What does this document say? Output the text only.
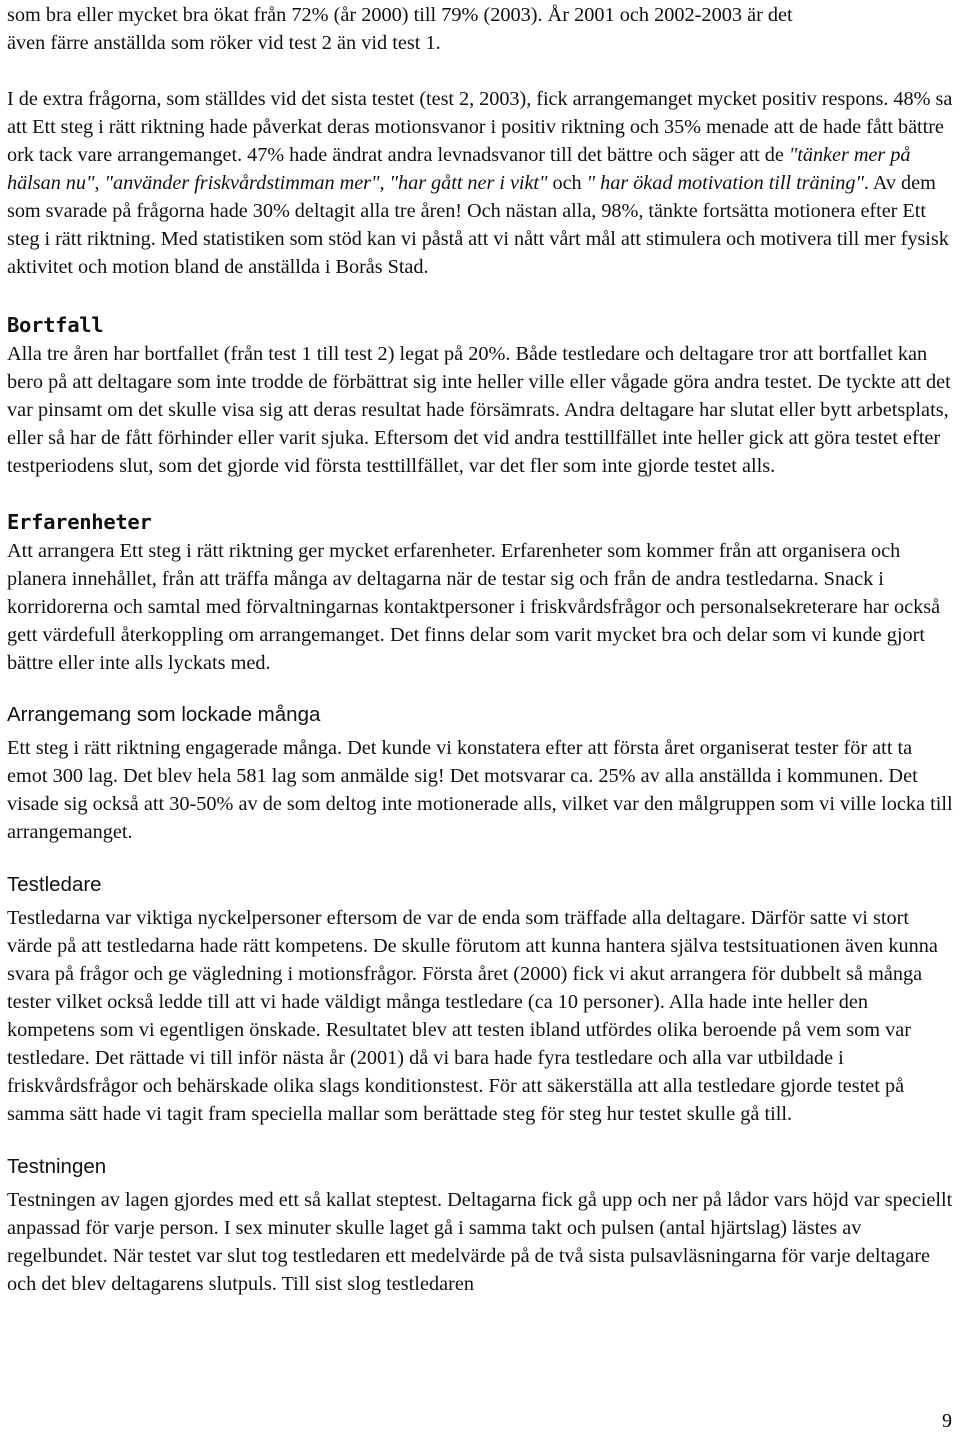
som bra eller mycket bra ökat från 72% (år 2000) till 79% (2003). År 2001 och 2002-2003 är det
även färre anställda som röker vid test 2 än vid test 1.

I de extra frågorna, som ställdes vid det sista testet (test 2, 2003), fick arrangemanget mycket positiv respons. 48% sa att Ett steg i rätt riktning hade påverkat deras motionsvanor i positiv riktning och 35% menade att de hade fått bättre ork tack vare arrangemanget. 47% hade ändrat andra levnadsvanor till det bättre och säger att de "tänker mer på hälsan nu", "använder friskvårdstimman mer", "har gått ner i vikt" och " har ökad motivation till träning". Av dem som svarade på frågorna hade 30% deltagit alla tre åren! Och nästan alla, 98%, tänkte fortsätta motionera efter Ett steg i rätt riktning. Med statistiken som stöd kan vi påstå att vi nått vårt mål att stimulera och motivera till mer fysisk aktivitet och motion bland de anställda i Borås Stad.

Bortfall

Alla tre åren har bortfallet (från test 1 till test 2) legat på 20%. Både testledare och deltagare tror att bortfallet kan bero på att deltagare som inte trodde de förbättrat sig inte heller ville eller vågade göra andra testet. De tyckte att det var pinsamt om det skulle visa sig att deras resultat hade försämrats. Andra deltagare har slutat eller bytt arbetsplats, eller så har de fått förhinder eller varit sjuka. Eftersom det vid andra testtillfället inte heller gick att göra testet efter testperiodens slut, som det gjorde vid första testtillfället, var det fler som inte gjorde testet alls.

Erfarenheter

Att arrangera Ett steg i rätt riktning ger mycket erfarenheter. Erfarenheter som kommer från att organisera och planera innehållet, från att träffa många av deltagarna när de testar sig och från de andra testledarna. Snack i korridorerna och samtal med förvaltningarnas kontaktpersoner i friskvårdsfrågor och personalsekreterare har också gett värdefull återkoppling om arrangemanget. Det finns delar som varit mycket bra och delar som vi kunde gjort bättre eller inte alls lyckats med.

Arrangemang som lockade många

Ett steg i rätt riktning engagerade många. Det kunde vi konstatera efter att första året organiserat tester för att ta emot 300 lag. Det blev hela 581 lag som anmälde sig! Det motsvarar ca. 25% av alla anställda i kommunen. Det visade sig också att 30-50% av de som deltog inte motionerade alls, vilket var den målgruppen som vi ville locka till arrangemanget.

Testledare

Testledarna var viktiga nyckelpersoner eftersom de var de enda som träffade alla deltagare. Därför satte vi stort värde på att testledarna hade rätt kompetens. De skulle förutom att kunna hantera själva testsituationen även kunna svara på frågor och ge vägledning i motionsfrågor. Första året (2000) fick vi akut arrangera för dubbelt så många tester vilket också ledde till att vi hade väldigt många testledare (ca 10 personer). Alla hade inte heller den kompetens som vi egentligen önskade. Resultatet blev att testen ibland utfördes olika beroende på vem som var testledare. Det rättade vi till inför nästa år (2001) då vi bara hade fyra testledare och alla var utbildade i friskvårdsfrågor och behärskade olika slags konditionstest. För att säkerställa att alla testledare gjorde testet på samma sätt hade vi tagit fram speciella mallar som berättade steg för steg hur testet skulle gå till.

Testningen

Testningen av lagen gjordes med ett så kallat steptest. Deltagarna fick gå upp och ner på lådor vars höjd var speciellt anpassad för varje person. I sex minuter skulle laget gå i samma takt och pulsen (antal hjärtslag) lästes av regelbundet. När testet var slut tog testledaren ett medelvärde på de två sista pulsavläsningarna för varje deltagare och det blev deltagarens slutpuls. Till sist slog testledaren

9
